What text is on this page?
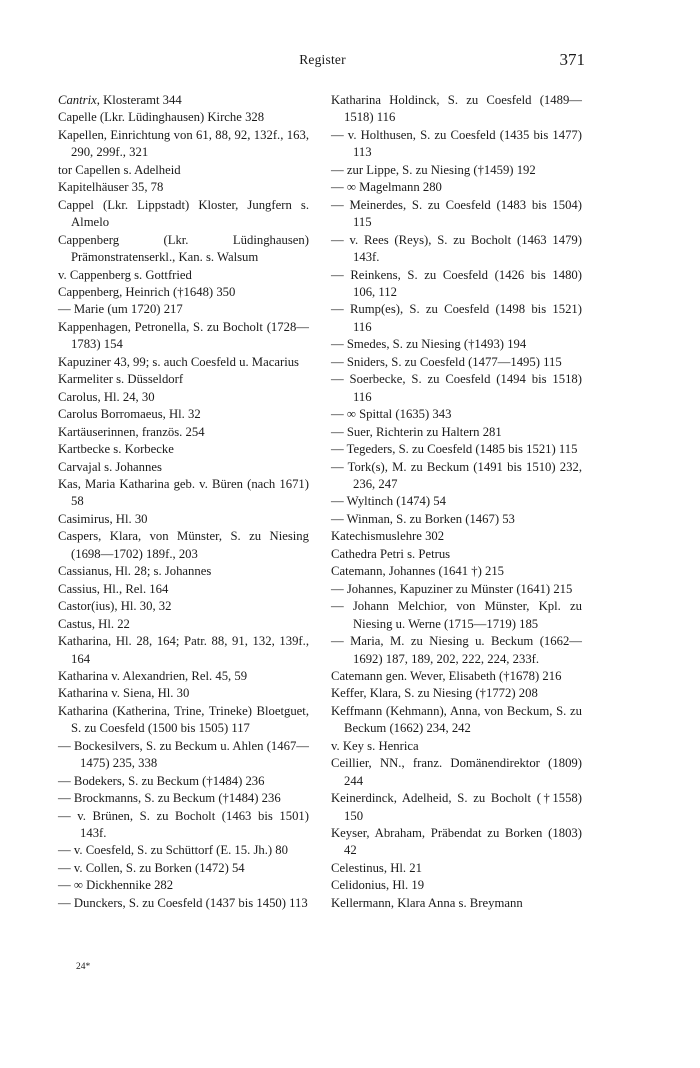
Register	371
Cantrix, Klosteramt 344
Capelle (Lkr. Lüdinghausen) Kirche 328
Kapellen, Einrichtung von 61, 88, 92, 132f., 163, 290, 299f., 321
tor Capellen s. Adelheid
Kapitelhäuser 35, 78
Cappel (Lkr. Lippstadt) Kloster, Jungfern s. Almelo
Cappenberg (Lkr. Lüdinghausen) Prämonstratenserkl., Kan. s. Walsum
v. Cappenberg s. Gottfried
Cappenberg, Heinrich (†1648) 350
— Marie (um 1720) 217
Kappenhagen, Petronella, S. zu Bocholt (1728—1783) 154
Kapuziner 43, 99; s. auch Coesfeld u. Macarius
Karmeliter s. Düsseldorf
Carolus, Hl. 24, 30
Carolus Borromaeus, Hl. 32
Kartäuserinnen, französ. 254
Kartbecke s. Korbecke
Carvajal s. Johannes
Kas, Maria Katharina geb. v. Büren (nach 1671) 58
Casimirus, Hl. 30
Caspers, Klara, von Münster, S. zu Niesing (1698—1702) 189f., 203
Cassianus, Hl. 28; s. Johannes
Cassius, Hl., Rel. 164
Castor(ius), Hl. 30, 32
Castus, Hl. 22
Katharina, Hl. 28, 164; Patr. 88, 91, 132, 139f., 164
Katharina v. Alexandrien, Rel. 45, 59
Katharina v. Siena, Hl. 30
Katharina (Katherina, Trine, Trineke) Bloetguet, S. zu Coesfeld (1500 bis 1505) 117
— Bockesilvers, S. zu Beckum u. Ahlen (1467—1475) 235, 338
— Bodekers, S. zu Beckum (†1484) 236
— Brockmanns, S. zu Beckum (†1484) 236
— v. Brünen, S. zu Bocholt (1463 bis 1501) 143f.
— v. Coesfeld, S. zu Schüttorf (E. 15. Jh.) 80
— v. Collen, S. zu Borken (1472) 54
— ∞ Dickhennike 282
— Dunckers, S. zu Coesfeld (1437 bis 1450) 113
Katharina Holdinck, S. zu Coesfeld (1489—1518) 116
— v. Holthusen, S. zu Coesfeld (1435 bis 1477) 113
— zur Lippe, S. zu Niesing (†1459) 192
— ∞ Magelmann 280
— Meinerdes, S. zu Coesfeld (1483 bis 1504) 115
— v. Rees (Reys), S. zu Bocholt (1463 1479) 143f.
— Reinkens, S. zu Coesfeld (1426 bis 1480) 106, 112
— Rump(es), S. zu Coesfeld (1498 bis 1521) 116
— Smedes, S. zu Niesing (†1493) 194
— Sniders, S. zu Coesfeld (1477—1495) 115
— Soerbecke, S. zu Coesfeld (1494 bis 1518) 116
— ∞ Spittal (1635) 343
— Suer, Richterin zu Haltern 281
— Tegeders, S. zu Coesfeld (1485 bis 1521) 115
— Tork(s), M. zu Beckum (1491 bis 1510) 232, 236, 247
— Wyltinch (1474) 54
— Winman, S. zu Borken (1467) 53
Katechismuslehre 302
Cathedra Petri s. Petrus
Catemann, Johannes (1641 †) 215
— Johannes, Kapuziner zu Münster (1641) 215
— Johann Melchior, von Münster, Kpl. zu Niesing u. Werne (1715—1719) 185
— Maria, M. zu Niesing u. Beckum (1662—1692) 187, 189, 202, 222, 224, 233f.
Catemann gen. Wever, Elisabeth (†1678) 216
Keffer, Klara, S. zu Niesing (†1772) 208
Keffmann (Kehmann), Anna, von Beckum, S. zu Beckum (1662) 234, 242
v. Key s. Henrica
Ceillier, NN., franz. Domänendirektor (1809) 244
Keinerdinck, Adelheid, S. zu Bocholt (†1558) 150
Keyser, Abraham, Präbendat zu Borken (1803) 42
Celestinus, Hl. 21
Celidonius, Hl. 19
Kellermann, Klara Anna s. Breymann
24*
